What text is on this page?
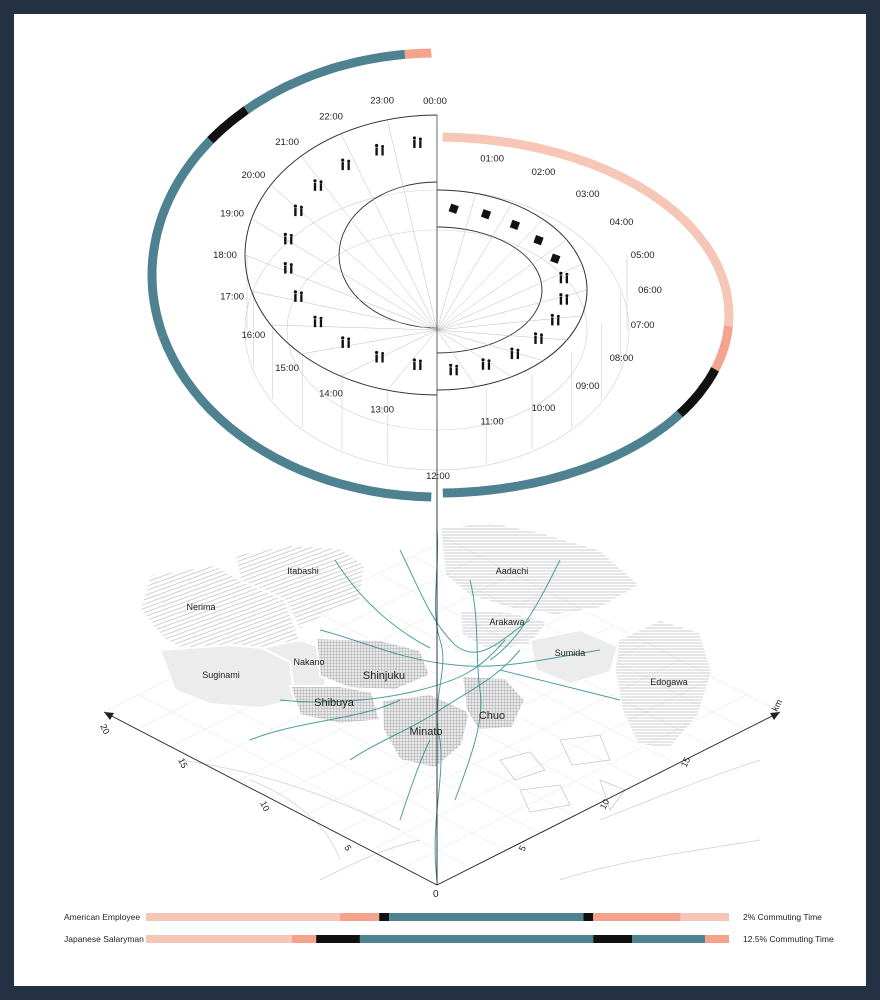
20
15
10
5
km
15
10
5
0
Itabashi	Aadachi
Nerima
Arakawa
Nakano
Sumida
Suginami	Shinjuku	Edogawa
Shibuya
Chuo
Minato
00:00
01:00
02:00
03:00
04:00
05:00
06:00
07:00
08:00
09:00
10:00
11:00
12:00
13:00
14:00
15:00
16:00
17:00
18:00
19:00
20:00
21:00
22:00
23:00
American Employee
Japanese Salaryman
2% Commuting Time
12.5% Commuting Time
